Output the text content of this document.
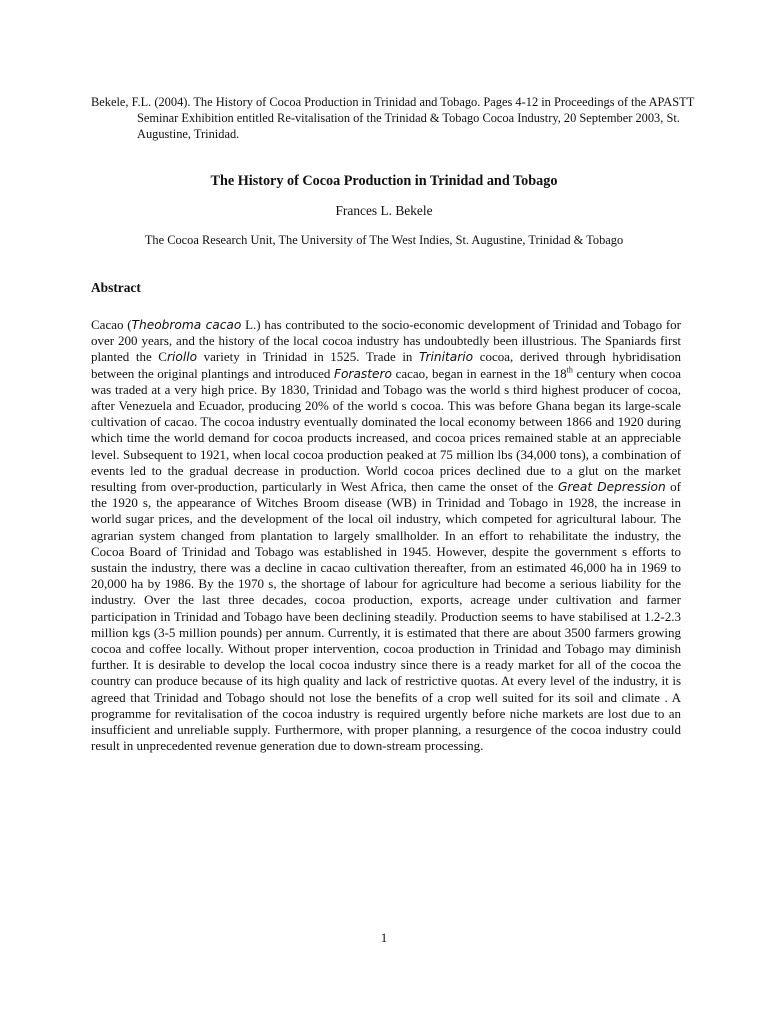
Bekele, F.L. (2004). The History of Cocoa Production in Trinidad and Tobago. Pages 4-12 in Proceedings of the APASTT Seminar Exhibition entitled Re-vitalisation of the Trinidad & Tobago Cocoa Industry, 20 September 2003, St. Augustine, Trinidad.
The History of Cocoa Production in Trinidad and Tobago
Frances L. Bekele
The Cocoa Research Unit, The University of The West Indies, St. Augustine, Trinidad & Tobago
Abstract
Cacao (Theobroma cacao L.) has contributed to the socio-economic development of Trinidad and Tobago for over 200 years, and the history of the local cocoa industry has undoubtedly been illustrious. The Spaniards first planted the Criollo variety in Trinidad in 1525. Trade in Trinitario cocoa, derived through hybridisation between the original plantings and introduced Forastero cacao, began in earnest in the 18th century when cocoa was traded at a very high price. By 1830, Trinidad and Tobago was the world s third highest producer of cocoa, after Venezuela and Ecuador, producing 20% of the world s cocoa. This was before Ghana began its large-scale cultivation of cacao. The cocoa industry eventually dominated the local economy between 1866 and 1920 during which time the world demand for cocoa products increased, and cocoa prices remained stable at an appreciable level. Subsequent to 1921, when local cocoa production peaked at 75 million lbs (34,000 tons), a combination of events led to the gradual decrease in production. World cocoa prices declined due to a glut on the market resulting from over-production, particularly in West Africa, then came the onset of the Great Depression of the 1920 s, the appearance of Witches Broom disease (WB) in Trinidad and Tobago in 1928, the increase in world sugar prices, and the development of the local oil industry, which competed for agricultural labour. The agrarian system changed from plantation to largely smallholder. In an effort to rehabilitate the industry, the Cocoa Board of Trinidad and Tobago was established in 1945. However, despite the government s efforts to sustain the industry, there was a decline in cacao cultivation thereafter, from an estimated 46,000 ha in 1969 to 20,000 ha by 1986. By the 1970 s, the shortage of labour for agriculture had become a serious liability for the industry. Over the last three decades, cocoa production, exports, acreage under cultivation and farmer participation in Trinidad and Tobago have been declining steadily. Production seems to have stabilised at 1.2-2.3 million kgs (3-5 million pounds) per annum. Currently, it is estimated that there are about 3500 farmers growing cocoa and coffee locally. Without proper intervention, cocoa production in Trinidad and Tobago may diminish further. It is desirable to develop the local cocoa industry since there is a ready market for all of the cocoa the country can produce because of its high quality and lack of restrictive quotas. At every level of the industry, it is agreed that Trinidad and Tobago should not lose the benefits of a crop well suited for its soil and climate . A programme for revitalisation of the cocoa industry is required urgently before niche markets are lost due to an insufficient and unreliable supply. Furthermore, with proper planning, a resurgence of the cocoa industry could result in unprecedented revenue generation due to down-stream processing.
1
